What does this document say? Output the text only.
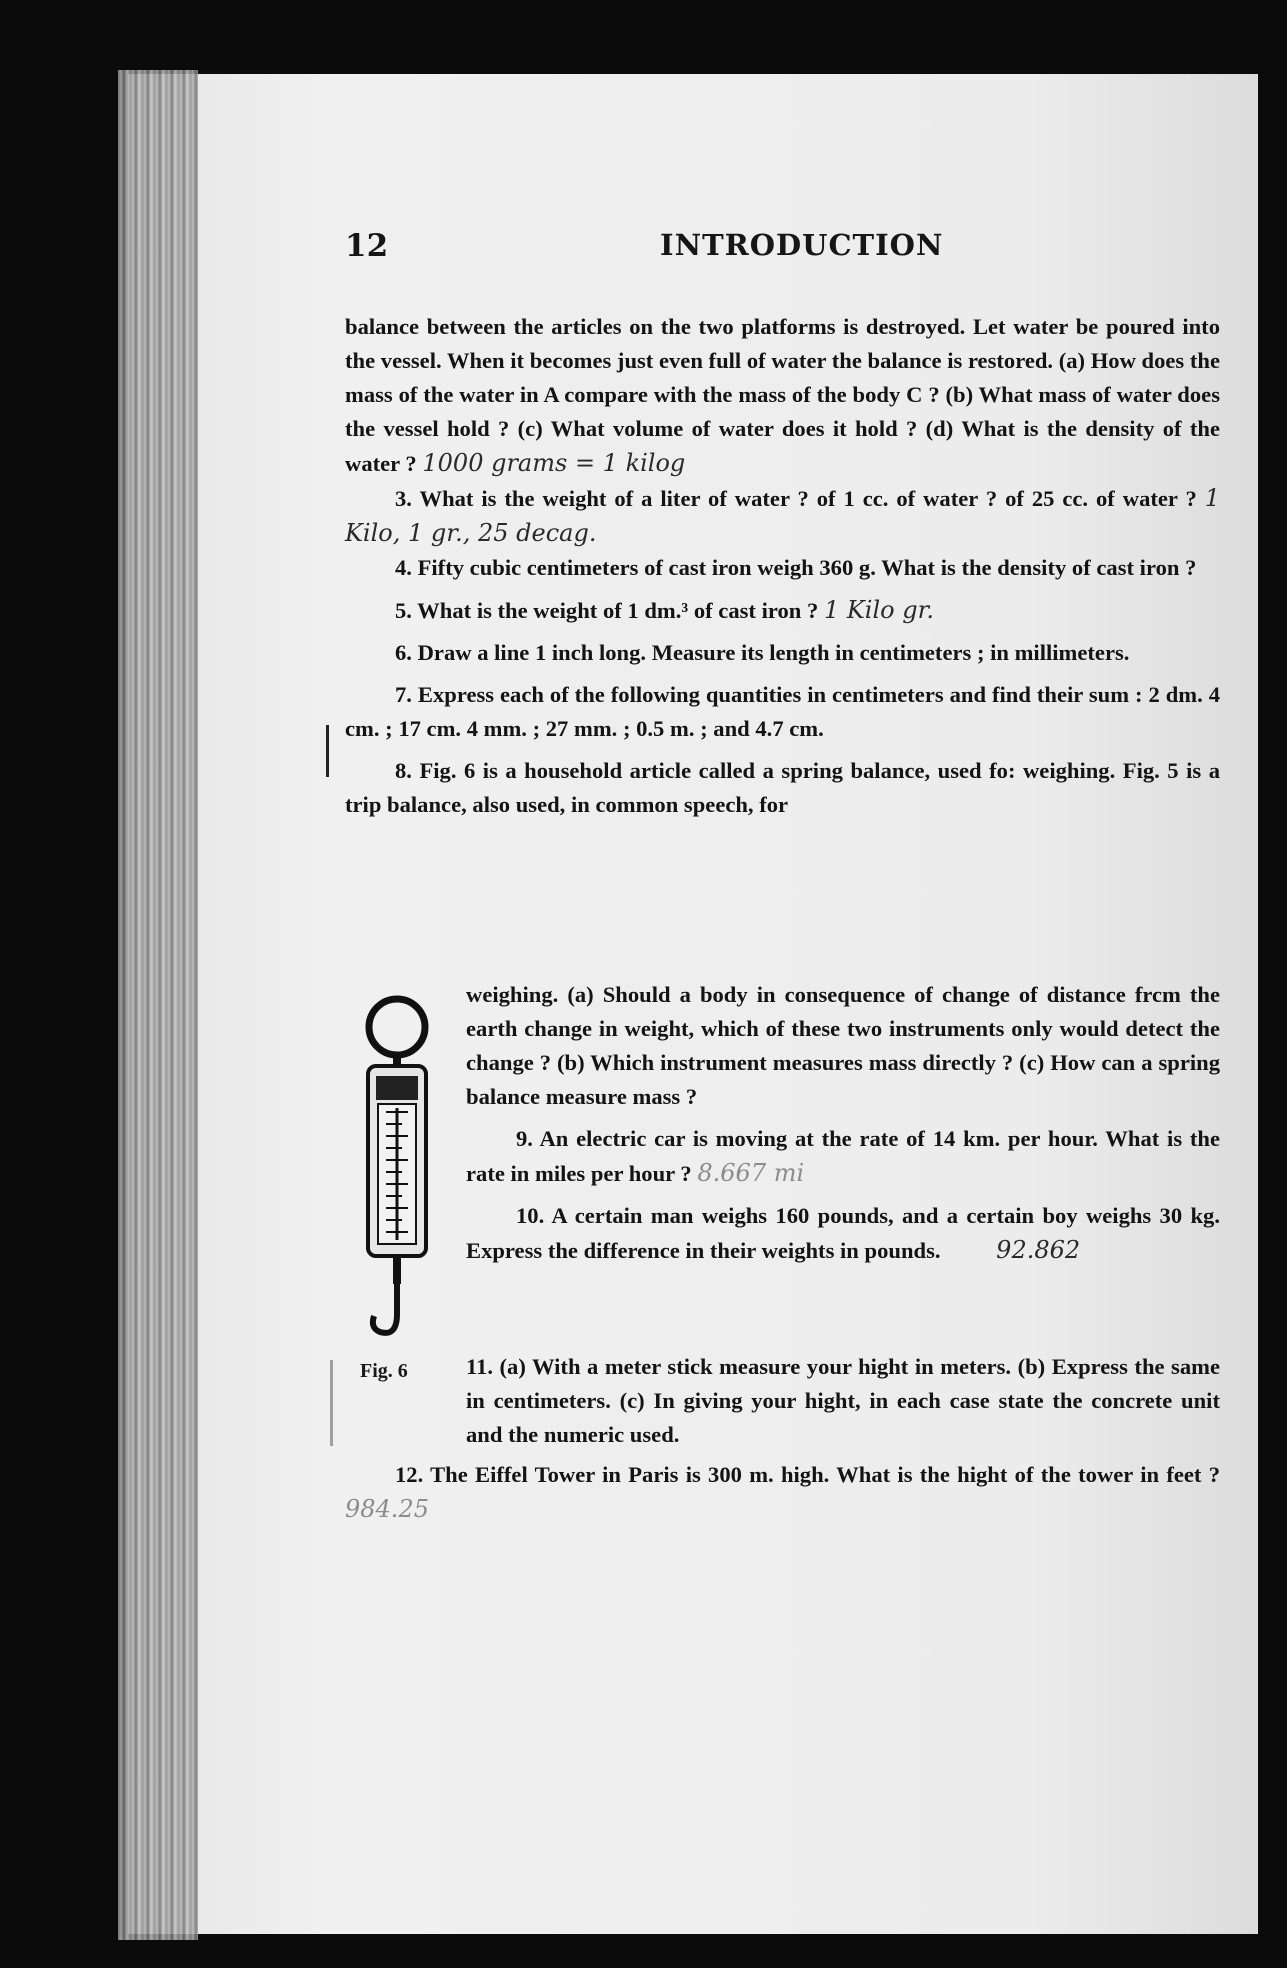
12	INTRODUCTION

balance between the articles on the two platforms is destroyed. Let water be poured into the vessel. When it becomes just even full of water the balance is restored. (a) How does the mass of the water in A compare with the mass of the body C ? (b) What mass of water does the vessel hold ? (c) What volume of water does it hold ? (d) What is the density of the water ? 1000 grams = 1 kilog

3. What is the weight of a liter of water ? of 1 cc. of water ? of 25 cc. of water ? 1 Kilo, 1 gr., 25 decag.

4. Fifty cubic centimeters of cast iron weigh 360 g. What is the density of cast iron ?

5. What is the weight of 1 dm.³ of cast iron ? 1 Kilo gr.

6. Draw a line 1 inch long. Measure its length in centimeters ; in millimeters.

7. Express each of the following quantities in centimeters and find their sum : 2 dm. 4 cm. ; 17 cm. 4 mm. ; 27 mm. ; 0.5 m. ; and 4.7 cm.

8. Fig. 6 is a household article called a spring balance, used fo: weighing. Fig. 5 is a trip balance, also used, in common speech, for

weighing. (a) Should a body in consequence of change of distance frcm the earth change in weight, which of these two instruments only would detect the change ? (b) Which instrument measures mass directly ? (c) How can a spring balance measure mass ?

9. An electric car is moving at the rate of 14 km. per hour. What is the rate in miles per hour ? 8.667 mi

10. A certain man weighs 160 pounds, and a certain boy weighs 30 kg. Express the difference in their weights in pounds. 92.862

11. (a) With a meter stick measure your hight in meters. (b) Express the same in centimeters. (c) In giving your hight, in each case state the concrete unit and the numeric used.

12. The Eiffel Tower in Paris is 300 m. high. What is the hight of the tower in feet ? 984.25

Fig. 6
